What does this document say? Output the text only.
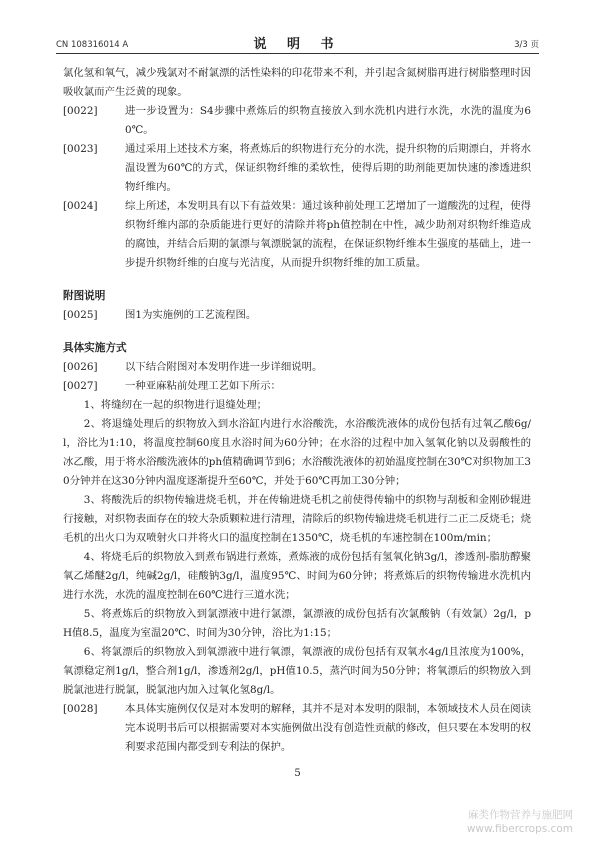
CN 108316014 A	说 明 书	3/3 页

氯化氢和氧气，减少残氯对不耐氯漂的活性染料的印花带来不利，并引起含氮树脂再进行树脂整理时因吸收氯而产生泛黄的现象。

[0022]	进一步设置为：S4步骤中煮炼后的织物直接放入到水洗机内进行水洗，水洗的温度为60℃。
[0023]	通过采用上述技术方案，将煮炼后的织物进行充分的水洗，提升织物的后期漂白，并将水温设置为60℃的方式，保证织物纤维的柔软性，使得后期的助剂能更加快速的渗透进织物纤维内。
[0024]	综上所述，本发明具有以下有益效果：通过该种前处理工艺增加了一道酸洗的过程，使得织物纤维内部的杂质能进行更好的清除并将ph值控制在中性，减少助剂对织物纤维造成的腐蚀，并结合后期的氯漂与氧漂脱氯的流程，在保证织物纤维本生强度的基础上，进一步提升织物纤维的白度与光洁度，从而提升织物纤维的加工质量。

附图说明

[0025]	图1为实施例的工艺流程图。

具体实施方式

[0026]	以下结合附图对本发明作进一步详细说明。
[0027]	一种亚麻粘前处理工艺如下所示：

1、将缝纫在一起的织物进行退缝处理；

2、将退缝处理后的织物放入到水浴缸内进行水浴酸洗，水浴酸洗液体的成份包括有过氧乙酸6g/l，浴比为1:10，将温度控制60度且水浴时间为60分钟；在水浴的过程中加入氢氧化钠以及弱酸性的冰乙酸，用于将水浴酸洗液体的ph值精确调节到6；水浴酸洗液体的初始温度控制在30℃对织物加工30分钟并在这30分钟内温度逐渐提升至60℃，并处于60℃再加工30分钟；

3、将酸洗后的织物传输进烧毛机，并在传输进烧毛机之前使得传输中的织物与刮板和金刚砂辊进行接触，对织物表面存在的较大杂质颗粒进行清理，清除后的织物传输进烧毛机进行二正二反烧毛；烧毛机的出火口为双喷射火口并将火口的温度控制在1350℃，烧毛机的车速控制在100m/min；

4、将烧毛后的织物放入到煮布锅进行煮炼，煮炼液的成份包括有氢氧化钠3g/l，渗透剂-脂肪醇聚氧乙烯醚2g/l，纯碱2g/l，硅酸钠3g/l，温度95℃、时间为60分钟；将煮炼后的织物传输进水洗机内进行水洗，水洗的温度控制在60℃进行三道水洗；

5、将煮炼后的织物放入到氯漂液中进行氯漂，氯漂液的成份包括有次氯酸钠（有效氯）2g/l，pH值8.5，温度为室温20℃、时间为30分钟，浴比为1:15；

6、将氯漂后的织物放入到氧漂液中进行氧漂，氧漂液的成份包括有双氧水4g/l且浓度为100%，氧漂稳定剂1g/l，整合剂1g/l，渗透剂2g/l，pH值10.5，蒸汽时间为50分钟；将氧漂后的织物放入到脱氯池进行脱氯，脱氯池内加入过氧化氢8g/l。

[0028]	本具体实施例仅仅是对本发明的解释，其并不是对本发明的限制，本领域技术人员在阅读完本说明书后可以根据需要对本实施例做出没有创造性贡献的修改，但只要在本发明的权利要求范围内都受到专利法的保护。
5
麻类作物营养与施肥网
www.fibercrops.com
